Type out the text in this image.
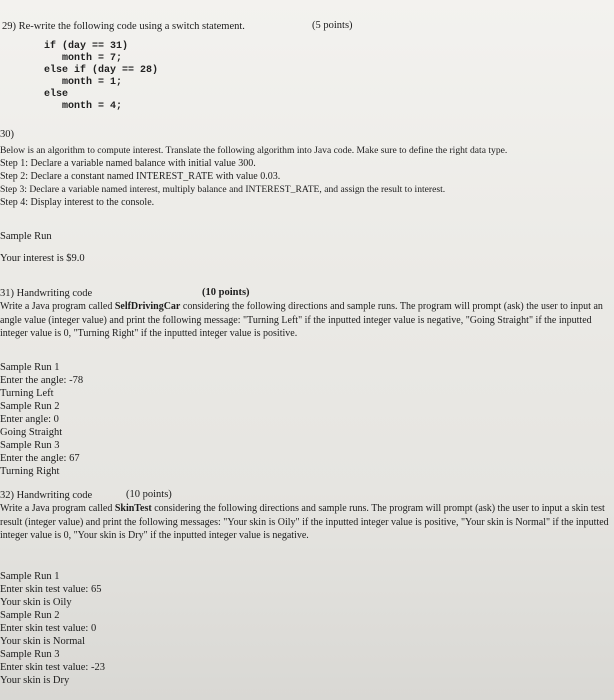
29) Re-write the following code using a switch statement.	(5 points)
if (day == 31)
month = 7;
else if (day == 28)
month = 1;
else
month = 4;
30)
Below is an algorithm to compute interest. Translate the following algorithm into Java code. Make sure to define the right data type.
Step 1: Declare a variable named balance with initial value 300.
Step 2: Declare a constant named INTEREST_RATE with value 0.03.
Step 3: Declare a variable named interest, multiply balance and INTEREST_RATE, and assign the result to interest.
Step 4: Display interest to the console.
Sample Run
Your interest is $9.0
31) Handwriting code	(10 points)
Write a Java program called SelfDrivingCar considering the following directions and sample runs. The program will prompt (ask) the user to input an angle value (integer value) and print the following message: "Turning Left" if the inputted integer value is negative, "Going Straight" if the inputted integer value is 0, "Turning Right" if the inputted integer value is positive.
Sample Run 1
Enter the angle: -78
Turning Left
Sample Run 2
Enter angle: 0
Going Straight
Sample Run 3
Enter the angle: 67
Turning Right
32) Handwriting code	(10 points)
Write a Java program called SkinTest considering the following directions and sample runs. The program will prompt (ask) the user to input a skin test result (integer value) and print the following messages: "Your skin is Oily" if the inputted integer value is positive, "Your skin is Normal" if the inputted integer value is 0, "Your skin is Dry" if the inputted integer value is negative.
Sample Run 1
Enter skin test value: 65
Your skin is Oily
Sample Run 2
Enter skin test value: 0
Your skin is Normal
Sample Run 3
Enter skin test value: -23
Your skin is Dry
